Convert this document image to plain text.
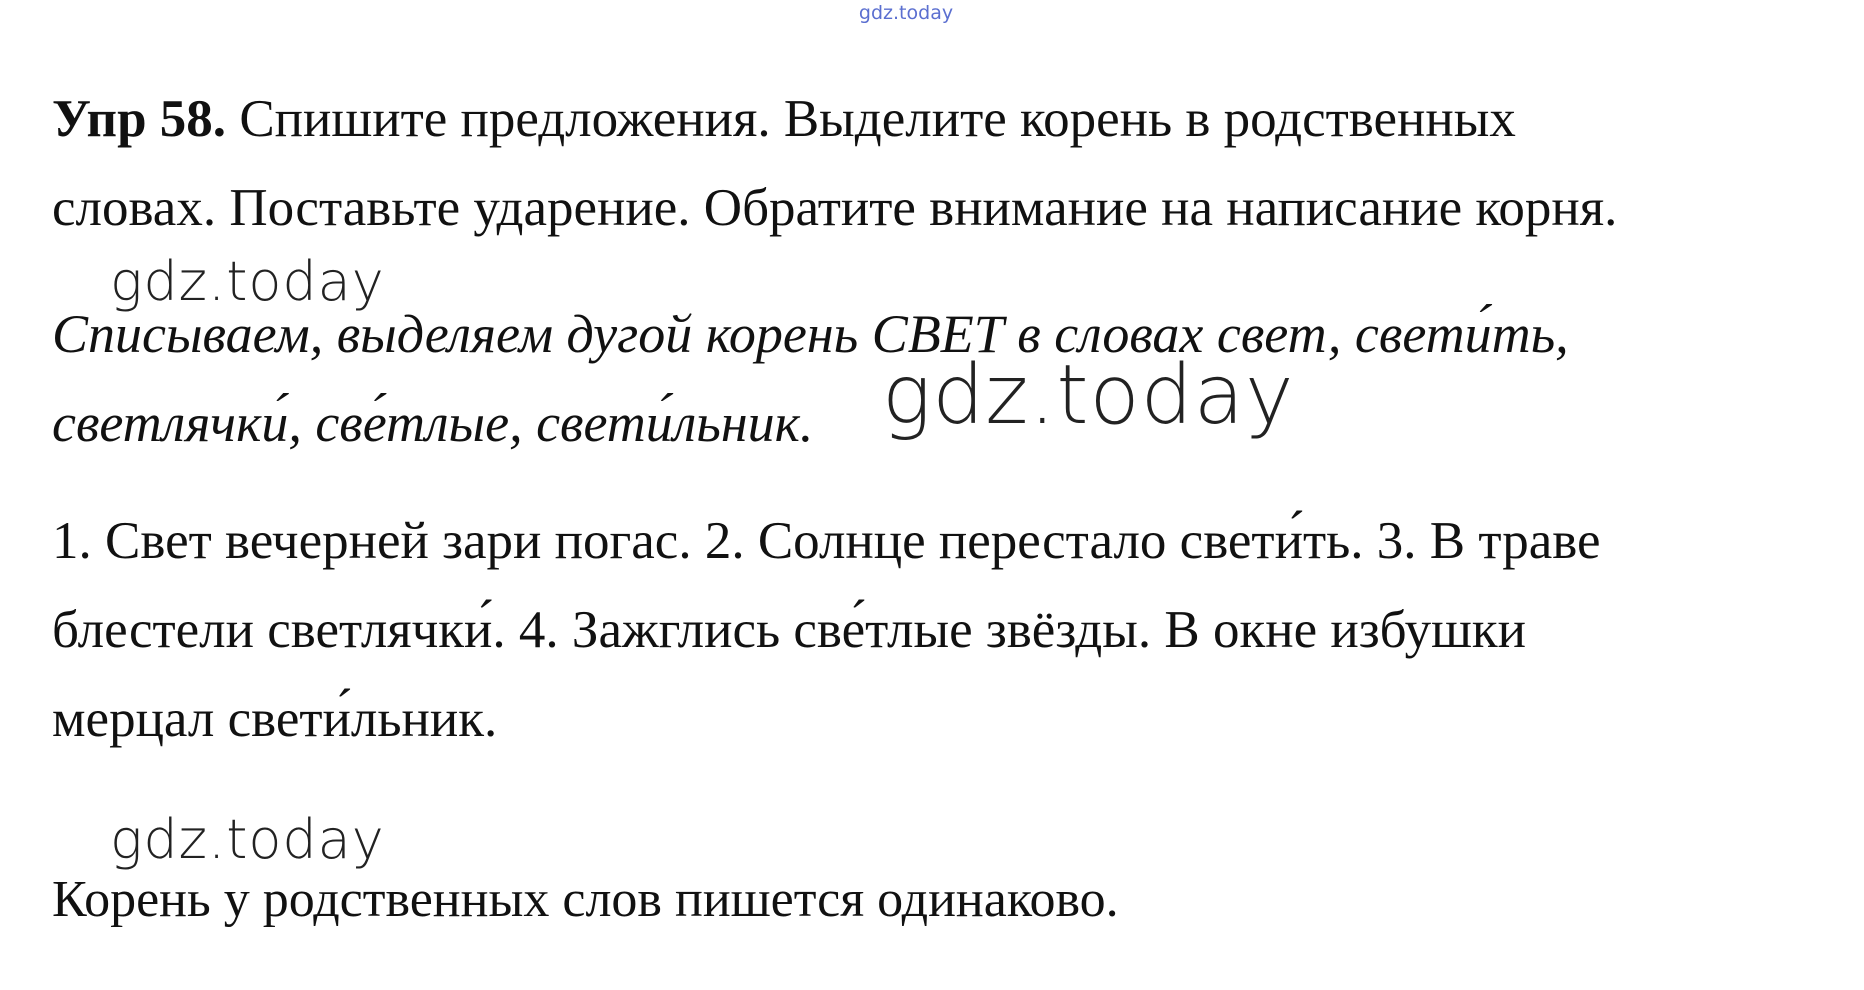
gdz.today
Упр 58. Спишите предложения. Выделите корень в родственных
словах. Поставьте ударение. Обратите внимание на написание корня.
Списываем, выделяем дугой корень СВЕТ в словах свет, свети́ть,
светлячки́, све́тлые, свети́льник.
1. Свет вечерней зари погас. 2. Солнце перестало свети́ть. 3. В траве
блестели светлячки́. 4. Зажглись све́тлые звёзды. В окне избушки
мерцал свети́льник.
Корень у родственных слов пишется одинаково.
gdz.today
gdz.today
gdz.today
